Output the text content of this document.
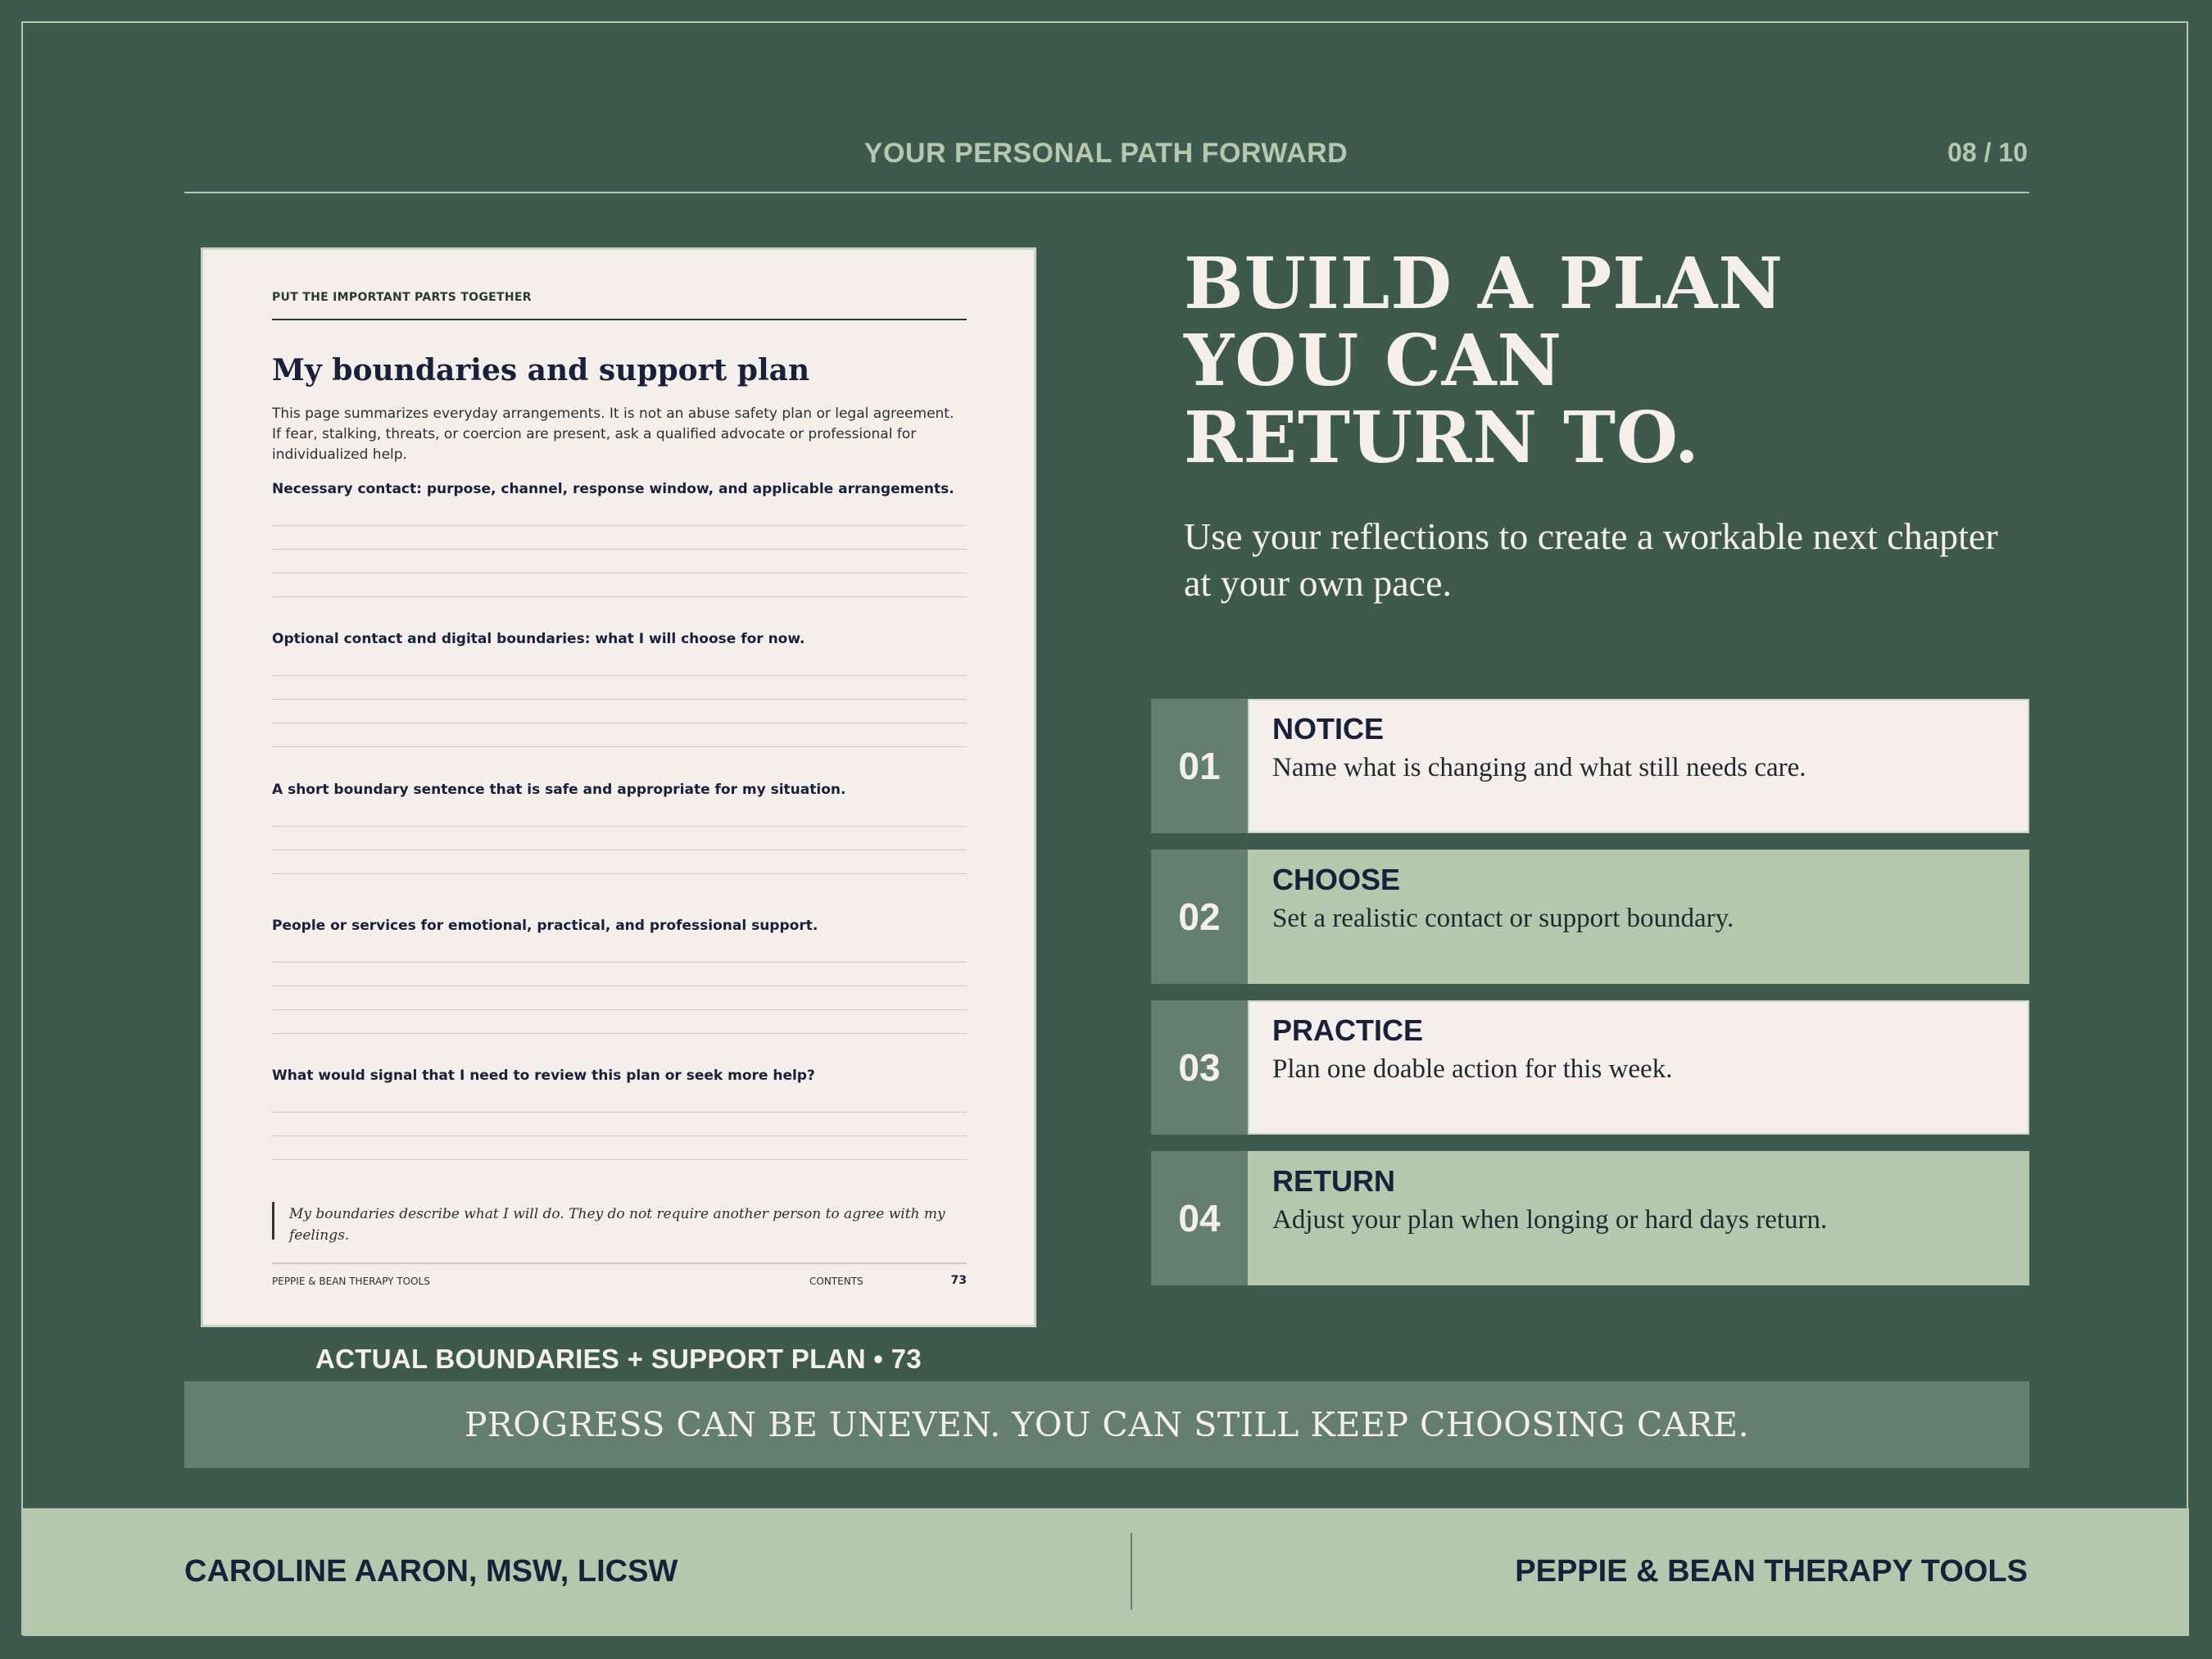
YOUR PERSONAL PATH FORWARD	08 / 10
PUT THE IMPORTANT PARTS TOGETHER
My boundaries and support plan
This page summarizes everyday arrangements. It is not an abuse safety plan or legal agreement. If fear, stalking, threats, or coercion are present, ask a qualified advocate or professional for individualized help.
Necessary contact: purpose, channel, response window, and applicable arrangements.
Optional contact and digital boundaries: what I will choose for now.
A short boundary sentence that is safe and appropriate for my situation.
People or services for emotional, practical, and professional support.
What would signal that I need to review this plan or seek more help?
My boundaries describe what I will do. They do not require another person to agree with my feelings.
PEPPIE & BEAN THERAPY TOOLS	CONTENTS	73
ACTUAL BOUNDARIES + SUPPORT PLAN • 73
BUILD A PLAN
YOU CAN
RETURN TO.
Use your reflections to create a workable next chapter at your own pace.
01
NOTICE
Name what is changing and what still needs care.
02
CHOOSE
Set a realistic contact or support boundary.
03
PRACTICE
Plan one doable action for this week.
04
RETURN
Adjust your plan when longing or hard days return.
PROGRESS CAN BE UNEVEN. YOU CAN STILL KEEP CHOOSING CARE.
CAROLINE AARON, MSW, LICSW	PEPPIE & BEAN THERAPY TOOLS
